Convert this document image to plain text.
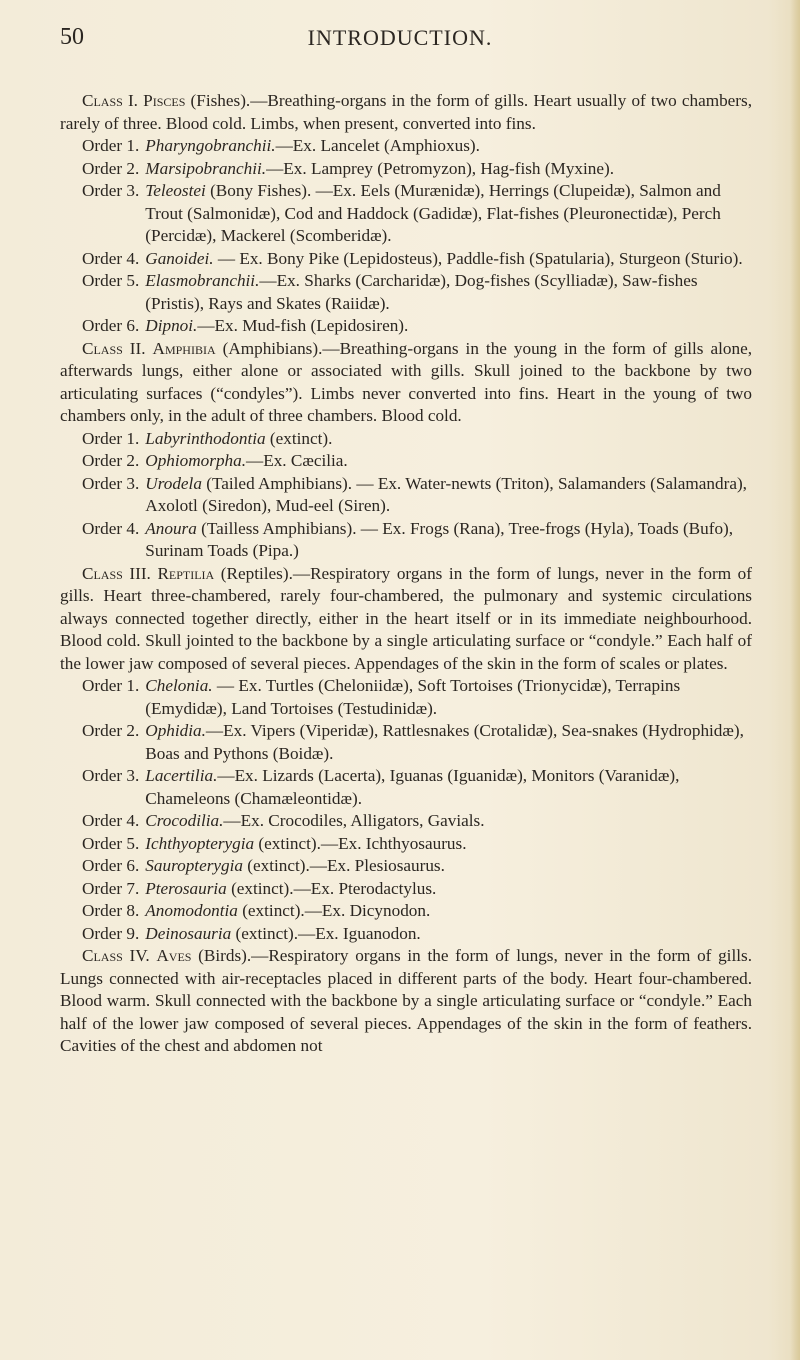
50	INTRODUCTION.

Class I. Pisces (Fishes).—Breathing-organs in the form of gills. Heart usually of two chambers, rarely of three. Blood cold. Limbs, when present, converted into fins.

Order 1. Pharyngobranchii.—Ex. Lancelet (Amphioxus).
Order 2. Marsipobranchii.—Ex. Lamprey (Petromyzon), Hag-fish (Myxine).
Order 3. Teleostei (Bony Fishes). —Ex. Eels (Murænidæ), Herrings (Clupeidæ), Salmon and Trout (Salmonidæ), Cod and Haddock (Gadidæ), Flat-fishes (Pleuronectidæ), Perch (Percidæ), Mackerel (Scomberidæ).
Order 4. Ganoidei. — Ex. Bony Pike (Lepidosteus), Paddle-fish (Spatularia), Sturgeon (Sturio).
Order 5. Elasmobranchii.—Ex. Sharks (Carcharidæ), Dog-fishes (Scylliadæ), Saw-fishes (Pristis), Rays and Skates (Raiidæ).
Order 6. Dipnoi.—Ex. Mud-fish (Lepidosiren).

Class II. Amphibia (Amphibians).—Breathing-organs in the young in the form of gills alone, afterwards lungs, either alone or associated with gills. Skull joined to the backbone by two articulating surfaces (“condyles”). Limbs never converted into fins. Heart in the young of two chambers only, in the adult of three chambers. Blood cold.

Order 1. Labyrinthodontia (extinct).
Order 2. Ophiomorpha.—Ex. Cæcilia.
Order 3. Urodela (Tailed Amphibians). — Ex. Water-newts (Triton), Salamanders (Salamandra), Axolotl (Siredon), Mud-eel (Siren).
Order 4. Anoura (Tailless Amphibians). — Ex. Frogs (Rana), Tree-frogs (Hyla), Toads (Bufo), Surinam Toads (Pipa.)

Class III. Reptilia (Reptiles).—Respiratory organs in the form of lungs, never in the form of gills. Heart three-chambered, rarely four-chambered, the pulmonary and systemic circulations always connected together directly, either in the heart itself or in its immediate neighbourhood. Blood cold. Skull jointed to the backbone by a single articulating surface or “condyle.” Each half of the lower jaw composed of several pieces. Appendages of the skin in the form of scales or plates.

Order 1. Chelonia. — Ex. Turtles (Cheloniidæ), Soft Tortoises (Trionycidæ), Terrapins (Emydidæ), Land Tortoises (Testudinidæ).
Order 2. Ophidia.—Ex. Vipers (Viperidæ), Rattlesnakes (Crotalidæ), Sea-snakes (Hydrophidæ), Boas and Pythons (Boidæ).
Order 3. Lacertilia.—Ex. Lizards (Lacerta), Iguanas (Iguanidæ), Monitors (Varanidæ), Chameleons (Chamæleontidæ).
Order 4. Crocodilia.—Ex. Crocodiles, Alligators, Gavials.
Order 5. Ichthyopterygia (extinct).—Ex. Ichthyosaurus.
Order 6. Sauropterygia (extinct).—Ex. Plesiosaurus.
Order 7. Pterosauria (extinct).—Ex. Pterodactylus.
Order 8. Anomodontia (extinct).—Ex. Dicynodon.
Order 9. Deinosauria (extinct).—Ex. Iguanodon.

Class IV. Aves (Birds).—Respiratory organs in the form of lungs, never in the form of gills. Lungs connected with air-receptacles placed in different parts of the body. Heart four-chambered. Blood warm. Skull connected with the backbone by a single articulating surface or “condyle.” Each half of the lower jaw composed of several pieces. Appendages of the skin in the form of feathers. Cavities of the chest and abdomen not
